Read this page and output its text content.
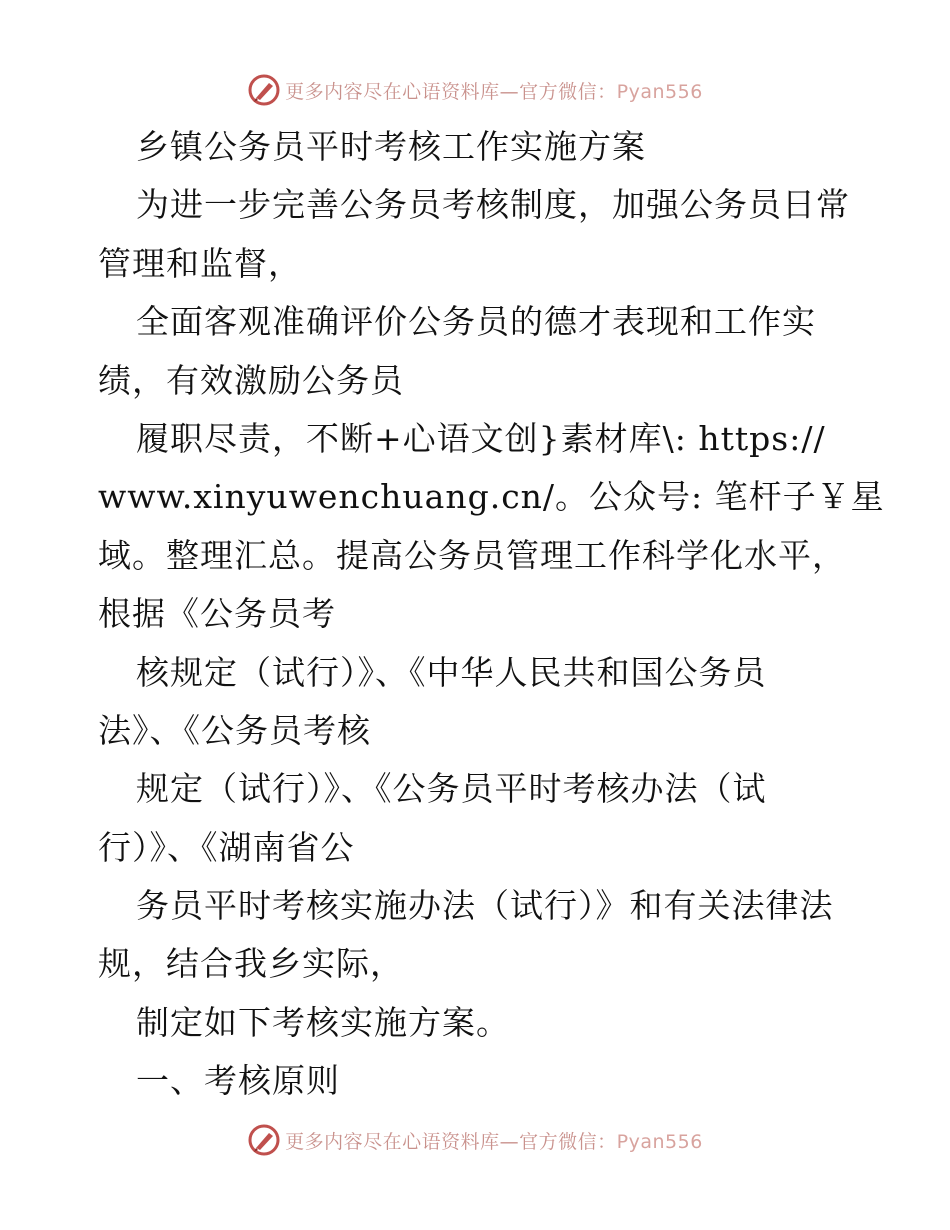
更多内容尽在心语资料库—官方微信：Pyan556
乡镇公务员平时考核工作实施方案
为进一步完善公务员考核制度，加强公务员日常
管理和监督，
全面客观准确评价公务员的德才表现和工作实
绩，有效激励公务员
履职尽责，不断+心语文创}素材库\: https://
www.xinyuwenchuang.cn/。公众号: 笔杆子￥星
域。整理汇总。提高公务员管理工作科学化水平，
根据《公务员考
核规定（试行）》、《中华人民共和国公务员
法》、《公务员考核
规定（试行）》、《公务员平时考核办法（试
行）》、《湖南省公
务员平时考核实施办法（试行）》和有关法律法
规，结合我乡实际，
制定如下考核实施方案。
一、考核原则
更多内容尽在心语资料库—官方微信：Pyan556
